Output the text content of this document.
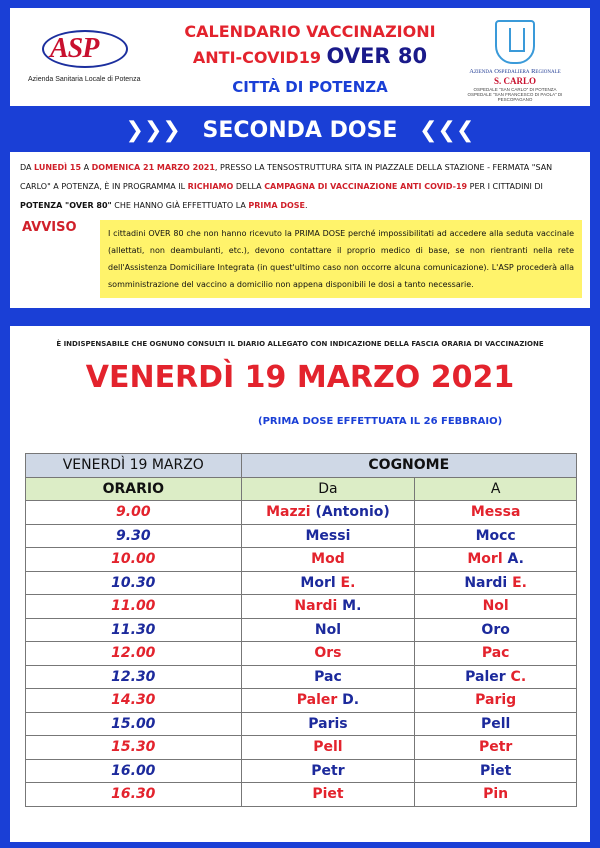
ASP
Azienda Sanitaria Locale di Potenza
CALENDARIO VACCINAZIONI
ANTI-COVID19 OVER 80
CITTÀ DI POTENZA
Azienda Ospedaliera Regionale
S. CARLO
OSPEDALE "SAN CARLO" DI POTENZA
OSPEDALE "SAN FRANCESCO DI PAOLA" DI PESCOPAGANO
❯❯❯ SECONDA DOSE ❮❮❮
DA LUNEDÌ 15 A DOMENICA 21 MARZO 2021, PRESSO LA TENSOSTRUTTURA SITA IN PIAZZALE DELLA STAZIONE - FERMATA "SAN CARLO" A POTENZA, È IN PROGRAMMA IL RICHIAMO DELLA CAMPAGNA DI VACCINAZIONE ANTI COVID-19 PER I CITTADINI DI POTENZA "OVER 80" CHE HANNO GIÀ EFFETTUATO LA PRIMA DOSE.
AVVISO	I cittadini OVER 80 che non hanno ricevuto la PRIMA DOSE perché impossibilitati ad accedere alla seduta vaccinale (allettati, non deambulanti, etc.), devono contattare il proprio medico di base, se non rientranti nella rete dell'Assistenza Domiciliare Integrata (in quest'ultimo caso non occorre alcuna comunicazione). L'ASP procederà alla somministrazione del vaccino a domicilio non appena disponibili le dosi a tanto necessarie.
È INDISPENSABILE CHE OGNUNO CONSULTI IL DIARIO ALLEGATO CON INDICAZIONE DELLA FASCIA ORARIA DI VACCINAZIONE
VENERDÌ 19 MARZO 2021
(PRIMA DOSE EFFETTUATA IL 26 FEBBRAIO)
VENERDÌ 19 MARZO	COGNOME	
ORARIO	Da	A
9.00	Mazzi (Antonio)	Messa
9.30	Messi	Mocc
10.00	Mod	Morl A.
10.30	Morl E.	Nardi E.
11.00	Nardi M.	Nol
11.30	Nol	Oro
12.00	Ors	Pac
12.30	Pac	Paler C.
14.30	Paler D.	Parig
15.00	Paris	Pell
15.30	Pell	Petr
16.00	Petr	Piet
16.30	Piet	Pin
